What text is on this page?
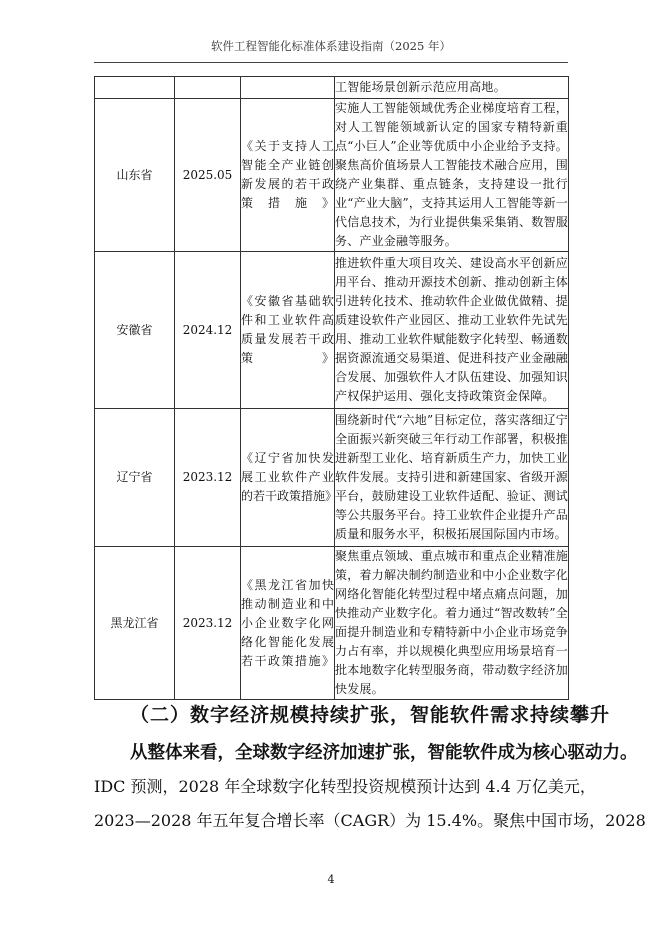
软件工程智能化标准体系建设指南（2025 年）
			工智能场景创新示范应用高地。
山东省	2025.05	《关于支持人工智能全产业链创新发展的若干政策措施》	实施人工智能领域优秀企业梯度培育工程，对人工智能领域新认定的国家专精特新重点“小巨人”企业等优质中小企业给予支持。聚焦高价值场景人工智能技术融合应用，围绕产业集群、重点链条，支持建设一批行业“产业大脑”，支持其运用人工智能等新一代信息技术，为行业提供集采集销、数智服务、产业金融等服务。
安徽省	2024.12	《安徽省基础软件和工业软件高质量发展若干政策》	推进软件重大项目攻关、建设高水平创新应用平台、推动开源技术创新、推动创新主体引进转化技术、推动软件企业做优做精、提质建设软件产业园区、推动工业软件先试先用、推动工业软件赋能数字化转型、畅通数据资源流通交易渠道、促进科技产业金融融合发展、加强软件人才队伍建设、加强知识产权保护运用、强化支持政策资金保障。
辽宁省	2023.12	《辽宁省加快发展工业软件产业的若干政策措施》	围绕新时代“六地”目标定位，落实落细辽宁全面振兴新突破三年行动工作部署，积极推进新型工业化、培育新质生产力，加快工业软件发展。支持引进和新建国家、省级开源平台，鼓励建设工业软件适配、验证、测试等公共服务平台。持工业软件企业提升产品质量和服务水平，积极拓展国际国内市场。
黑龙江省	2023.12	《黑龙江省加快推动制造业和中小企业数字化网络化智能化发展若干政策措施》	聚焦重点领域、重点城市和重点企业精准施策，着力解决制约制造业和中小企业数字化网络化智能化转型过程中堵点痛点问题，加快推动产业数字化。着力通过“智改数转”全面提升制造业和专精特新中小企业市场竞争力占有率，并以规模化典型应用场景培育一批本地数字化转型服务商，带动数字经济加快发展。
（二）数字经济规模持续扩张，智能软件需求持续攀升
从整体来看，全球数字经济加速扩张，智能软件成为核心驱动力。
IDC 预测，2028 年全球数字化转型投资规模预计达到 4.4 万亿美元，
2023—2028 年五年复合增长率（CAGR）为 15.4%。聚焦中国市场，2028
4
